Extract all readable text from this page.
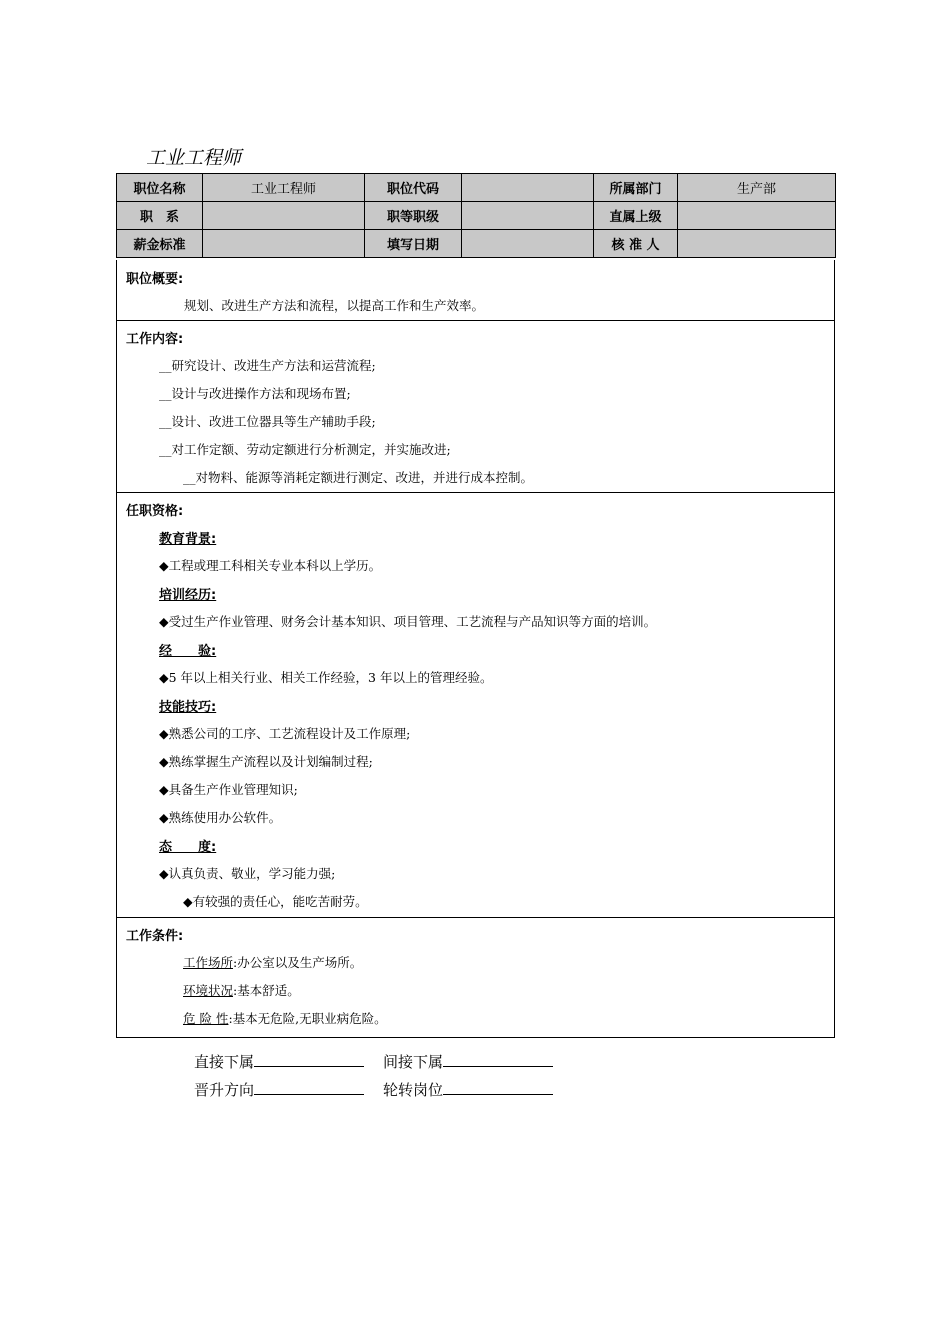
工业工程师
职位名称	工业工程师	职位代码		所属部门	生产部
职　系		职等职级		直属上级	
薪金标准		填写日期		核 准 人	
职位概要:
规划、改进生产方法和流程，以提高工作和生产效率。
工作内容:
__研究设计、改进生产方法和运营流程;
__设计与改进操作方法和现场布置;
__设计、改进工位器具等生产辅助手段;
__对工作定额、劳动定额进行分析测定，并实施改进;
__对物料、能源等消耗定额进行测定、改进，并进行成本控制。
任职资格:
教育背景:
◆工程或理工科相关专业本科以上学历。
培训经历:
◆受过生产作业管理、财务会计基本知识、项目管理、工艺流程与产品知识等方面的培训。
经　　验:
◆5 年以上相关行业、相关工作经验，3 年以上的管理经验。
技能技巧:
◆熟悉公司的工序、工艺流程设计及工作原理;
◆熟练掌握生产流程以及计划编制过程;
◆具备生产作业管理知识;
◆熟练使用办公软件。
态　　度:
◆认真负责、敬业，学习能力强;
◆有较强的责任心，能吃苦耐劳。
工作条件:
工作场所:办公室以及生产场所。
环境状况:基本舒适。
危 险 性:基本无危险,无职业病危险。
直接下属	间接下属
晋升方向	轮转岗位
